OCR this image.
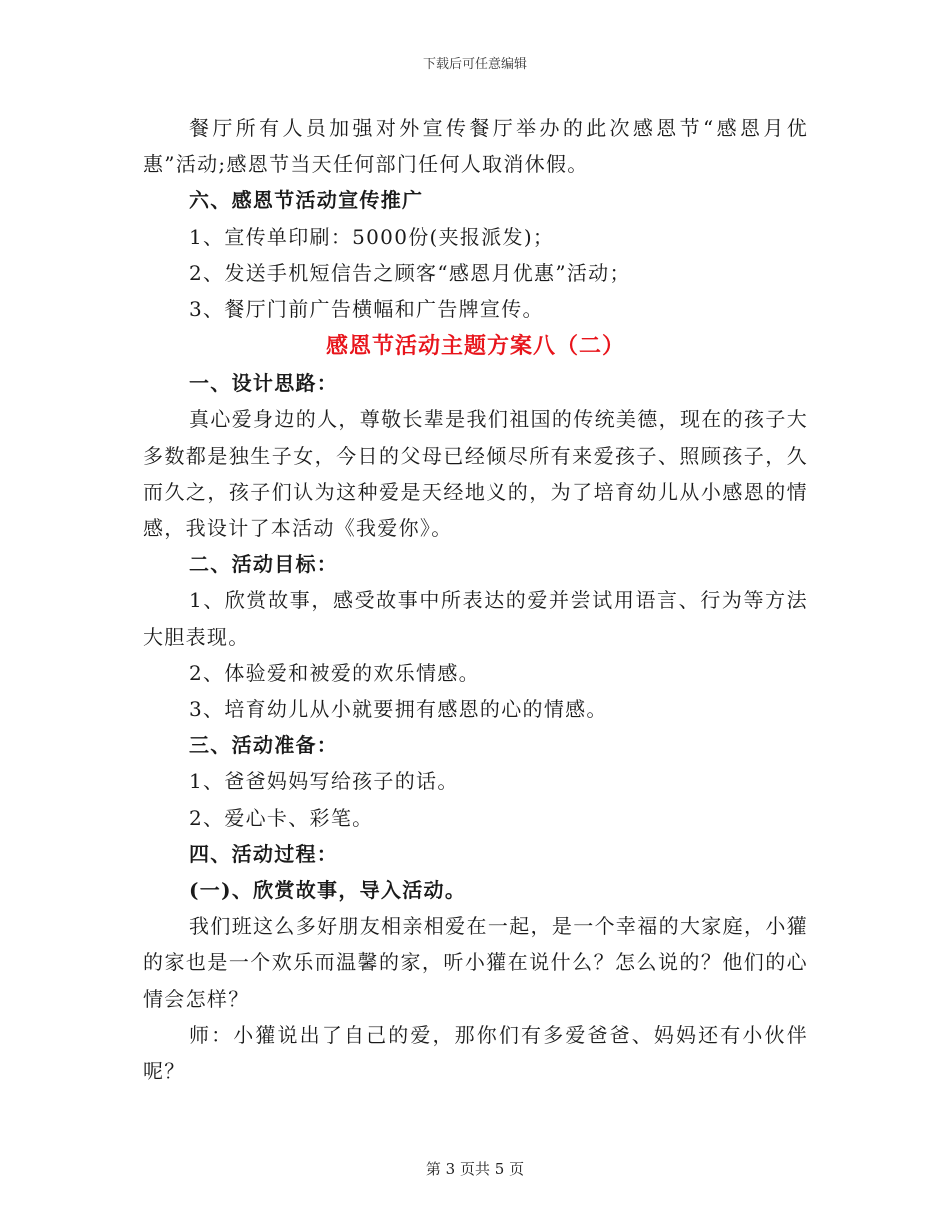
下载后可任意编辑

餐厅所有人员加强对外宣传餐厅举办的此次感恩节“感恩月优惠”活动;感恩节当天任何部门任何人取消休假。

六、感恩节活动宣传推广

1、宣传单印刷：5000份(夹报派发)；

2、发送手机短信告之顾客“感恩月优惠”活动；

3、餐厅门前广告横幅和广告牌宣传。

感恩节活动主题方案八（二）

一、设计思路：

真心爱身边的人，尊敬长辈是我们祖国的传统美德，现在的孩子大多数都是独生子女，今日的父母已经倾尽所有来爱孩子、照顾孩子，久而久之，孩子们认为这种爱是天经地义的，为了培育幼儿从小感恩的情感，我设计了本活动《我爱你》。

二、活动目标：

1、欣赏故事，感受故事中所表达的爱并尝试用语言、行为等方法大胆表现。

2、体验爱和被爱的欢乐情感。

3、培育幼儿从小就要拥有感恩的心的情感。

三、活动准备：

1、爸爸妈妈写给孩子的话。

2、爱心卡、彩笔。

四、活动过程：

(一)、欣赏故事，导入活动。

我们班这么多好朋友相亲相爱在一起，是一个幸福的大家庭，小獾的家也是一个欢乐而温馨的家，听小獾在说什么？怎么说的？他们的心情会怎样？

师：小獾说出了自己的爱，那你们有多爱爸爸、妈妈还有小伙伴呢？

第 3 页共 5 页
